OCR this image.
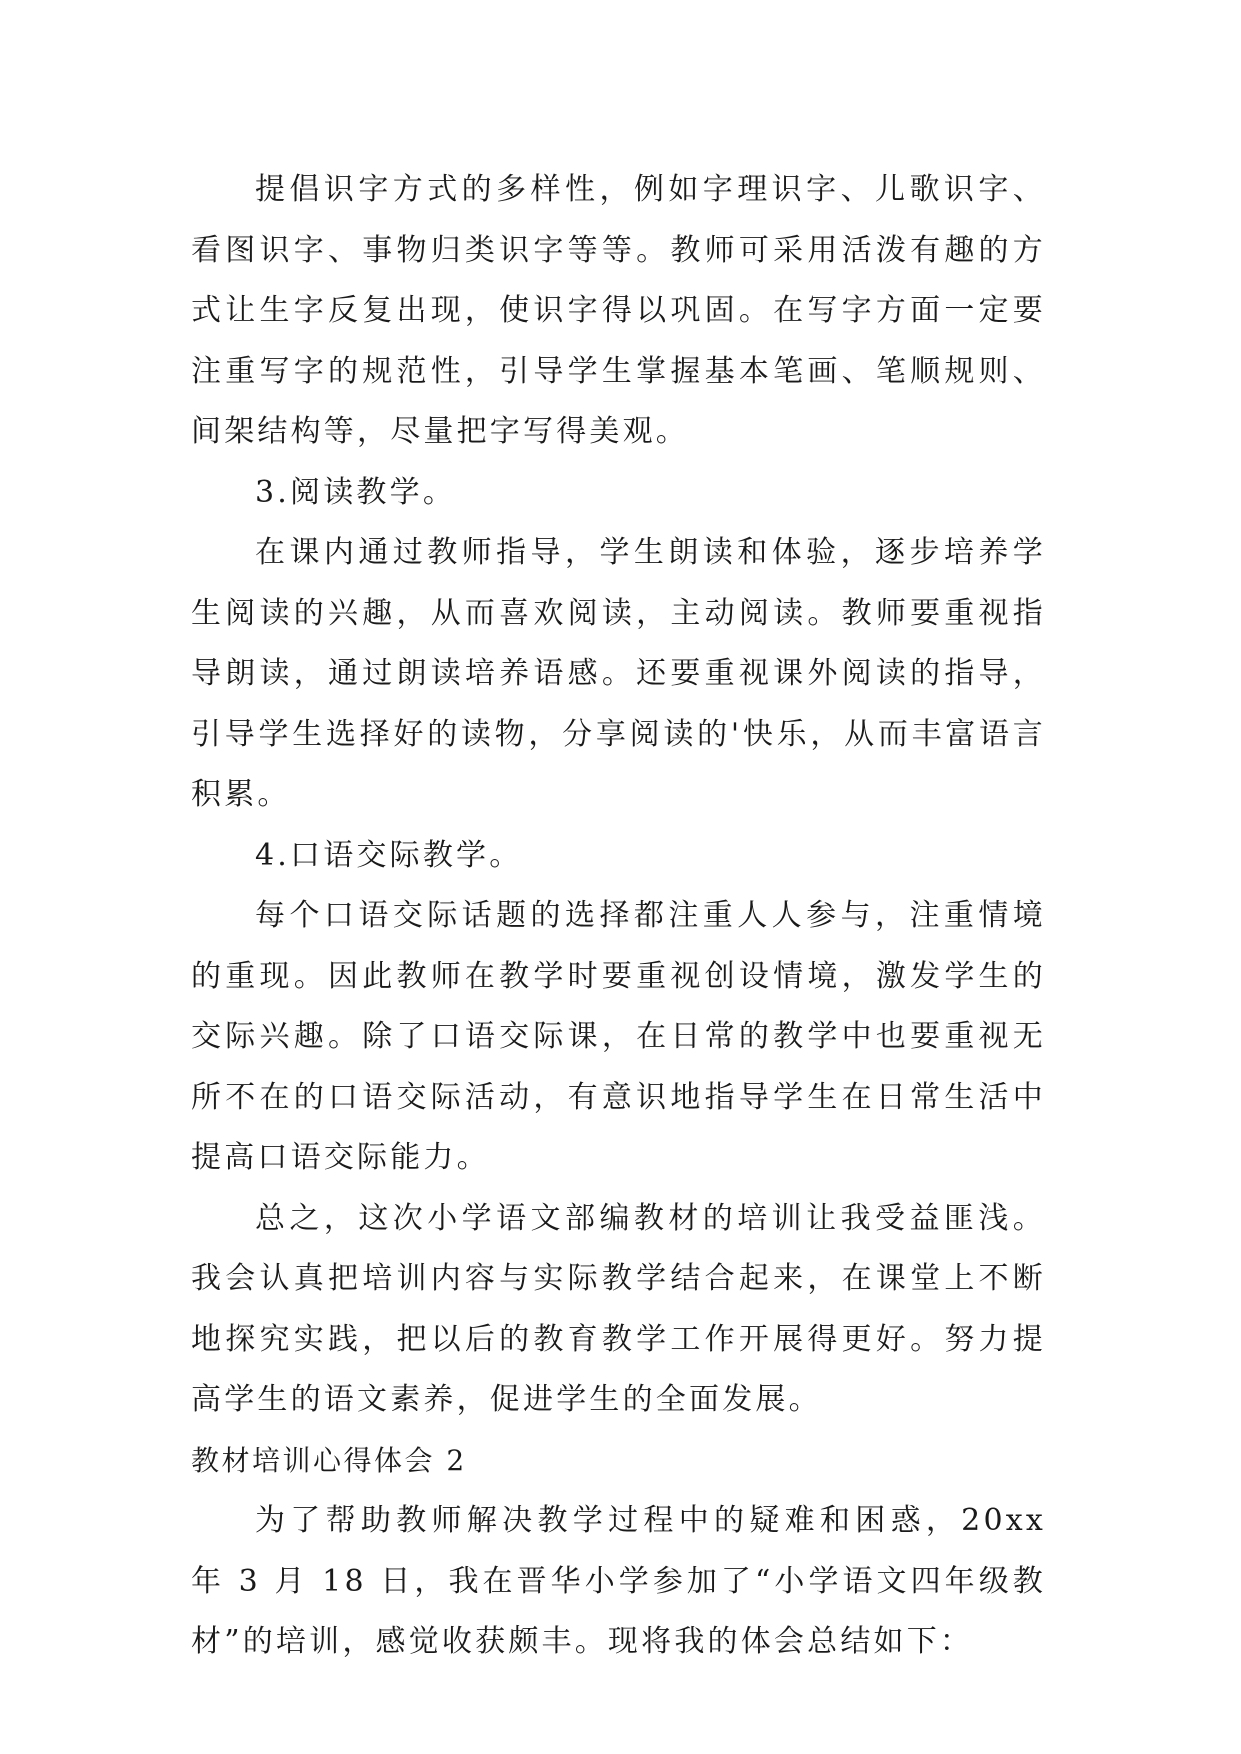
提倡识字方式的多样性，例如字理识字、儿歌识字、看图识字、事物归类识字等等。教师可采用活泼有趣的方式让生字反复出现，使识字得以巩固。在写字方面一定要注重写字的规范性，引导学生掌握基本笔画、笔顺规则、间架结构等，尽量把字写得美观。

3.阅读教学。

在课内通过教师指导，学生朗读和体验，逐步培养学生阅读的兴趣，从而喜欢阅读，主动阅读。教师要重视指导朗读，通过朗读培养语感。还要重视课外阅读的指导，引导学生选择好的读物，分享阅读的'快乐，从而丰富语言积累。

4.口语交际教学。

每个口语交际话题的选择都注重人人参与，注重情境的重现。因此教师在教学时要重视创设情境，激发学生的交际兴趣。除了口语交际课，在日常的教学中也要重视无所不在的口语交际活动，有意识地指导学生在日常生活中提高口语交际能力。

总之，这次小学语文部编教材的培训让我受益匪浅。我会认真把培训内容与实际教学结合起来，在课堂上不断地探究实践，把以后的教育教学工作开展得更好。努力提高学生的语文素养，促进学生的全面发展。

教材培训心得体会 2

为了帮助教师解决教学过程中的疑难和困惑，20xx 年 3 月 18 日，我在晋华小学参加了“小学语文四年级教材”的培训，感觉收获颇丰。现将我的体会总结如下：
